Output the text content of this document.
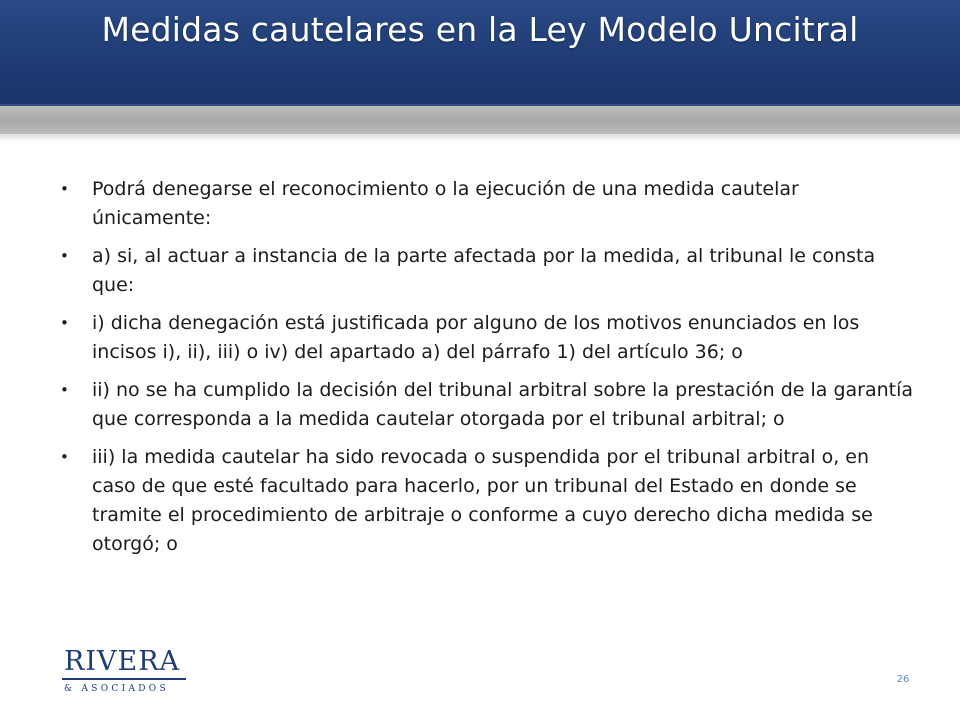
Medidas cautelares en la Ley Modelo Uncitral
• Podrá denegarse el reconocimiento o la ejecución de una medida cautelar únicamente:
• a) si, al actuar a instancia de la parte afectada por la medida, al tribunal le consta que:
• i) dicha denegación está justificada por alguno de los motivos enunciados en los incisos i), ii), iii) o iv) del apartado a) del párrafo 1) del artículo 36; o
• ii) no se ha cumplido la decisión del tribunal arbitral sobre la prestación de la garantía que corresponda a la medida cautelar otorgada por el tribunal arbitral; o
• iii) la medida cautelar ha sido revocada o suspendida por el tribunal arbitral o, en caso de que esté facultado para hacerlo, por un tribunal del Estado en donde se tramite el procedimiento de arbitraje o conforme a cuyo derecho dicha medida se otorgó; o
RIVERA
& ASOCIADOS
26
